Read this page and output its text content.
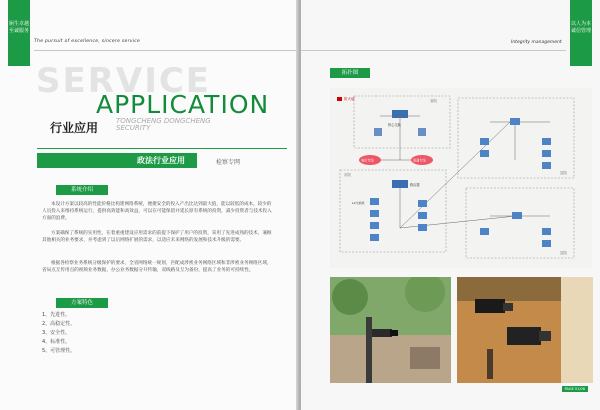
厕生卓越　至诚服务
The pursuit of excellence, sincere service
SERVICE
APPLICATION
行业应用	TONGCHENG DONGCHENG
SECURITY
政法行业应用	检察专网
系统介绍

本设计方案以较高的性能价格比构建网络系统，便捷安全的投入产出比达到最大值，能以较低的成本，较少的人员投入来维持系统运行，提供高效能和高效益，可以在可能保留并延长原有系统的投资，减少投资者与技术投入方面的浪费。

方案确保了系统的实用性，在着重重建设应用需求的前提下保护了用户的投资，采用了先进成熟的技术，兼顾其他相关的业务要求，并考虑到了以后网络扩展的需求，以适应未来网络的发展和技术升级的需要。

根据各检察业务系统分级保护的要求，全省网络统一规划，匹配成涉密业务网络区域和非涉密业务网络区域，省局点互传用点的视频业务数据，办公业务数据分开传输，双线路及互为备份，提高了业务的可持续性。

方案特色
1、先进性。
2、高稳定性。
3、安全性。
4、标准性。
5、可管理性。
以人为本　诚信管理
Integrity management
拓扑图
防火墙	省院
市院	县院
县院
电信专线	联通专线
核心交换
路由器
L2交换机
PAGE 01/08
